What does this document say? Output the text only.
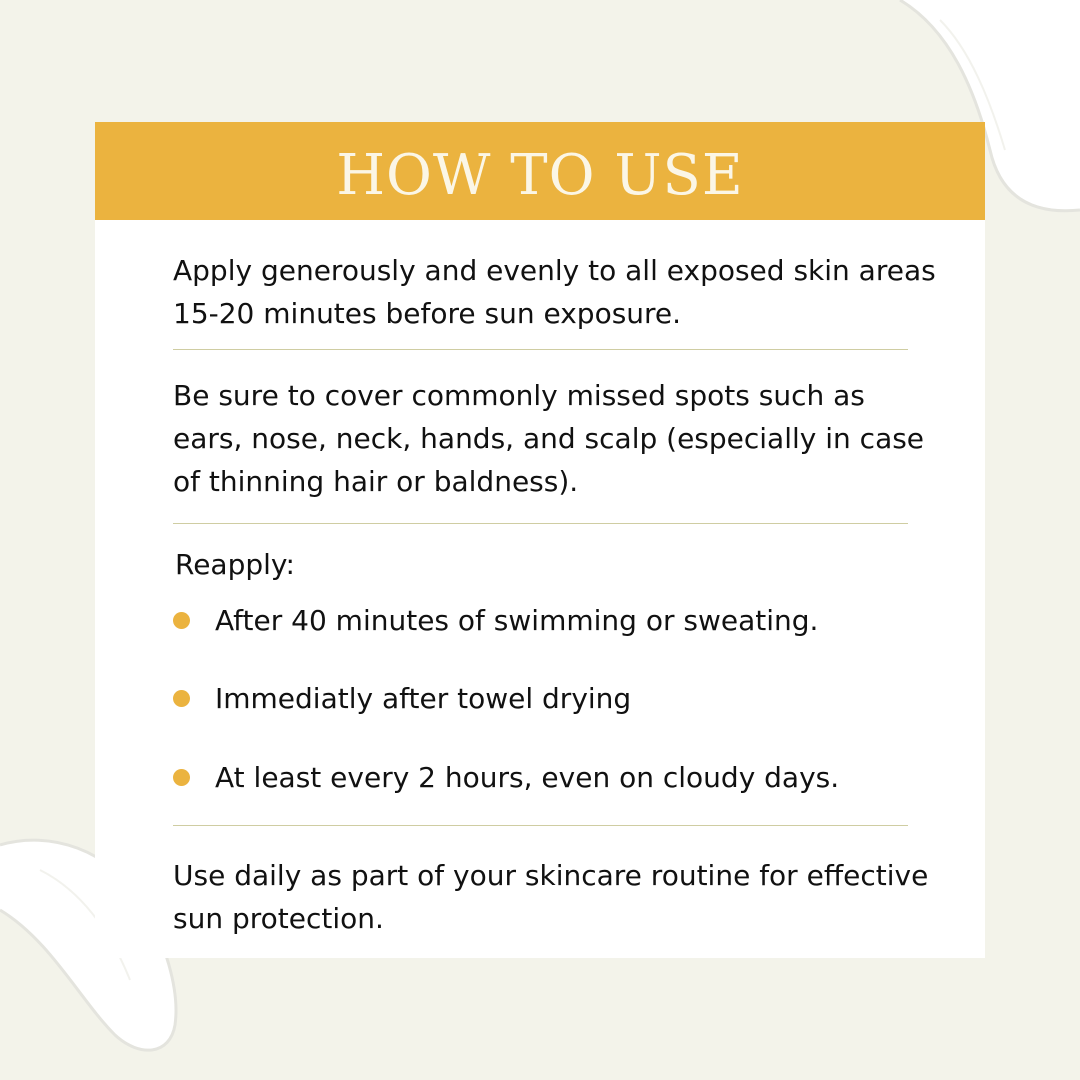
HOW TO USE

Apply generously and evenly to all exposed skin areas 15-20 minutes before sun exposure.

Be sure to cover commonly missed spots such as ears, nose, neck, hands, and scalp (especially in case of thinning hair or baldness).

Reapply:

After 40 minutes of swimming or sweating.
Immediatly after towel drying
At least every 2 hours, even on cloudy days.

Use daily as part of your skincare routine for effective sun protection.
